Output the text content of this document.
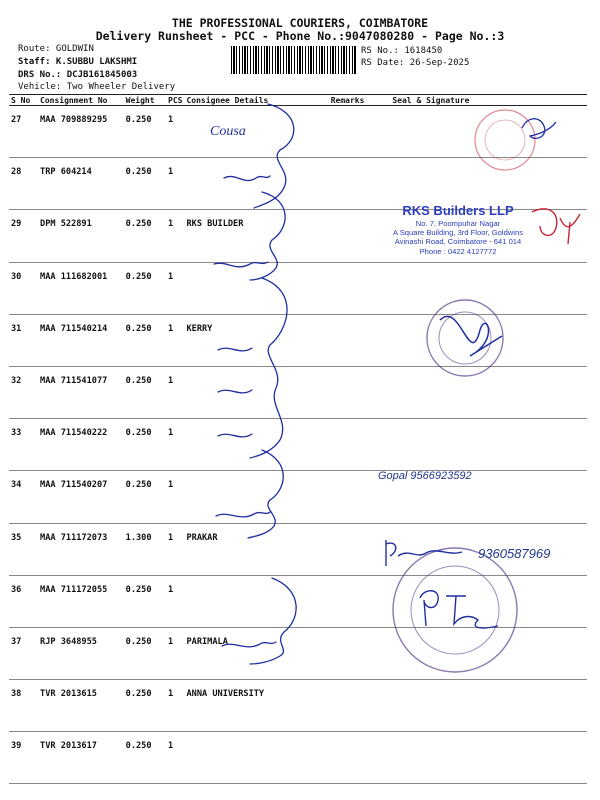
THE PROFESSIONAL COURIERS, COIMBATORE
Delivery Runsheet - PCC - Phone No.:9047080280 - Page No.:3
Route: GOLDWIN
Staff: K.SUBBU LAKSHMI
DRS No.: DCJB161845003
Vehicle: Two Wheeler Delivery
RS No.: 1618450
RS Date: 26-Sep-2025
S No	Consignment No	Weight	PCS	Consignee Details	Remarks	Seal & Signature
27	MAA 709889295	0.250	1			
28	TRP 604214	0.250	1			
29	DPM 522891	0.250	1	RKS BUILDER		
30	MAA 111682001	0.250	1			
31	MAA 711540214	0.250	1	KERRY		
32	MAA 711541077	0.250	1			
33	MAA 711540222	0.250	1			
34	MAA 711540207	0.250	1			
35	MAA 711172073	1.300	1	PRAKAR		
36	MAA 711172055	0.250	1			
37	RJP 3648955	0.250	1	PARIMALA		
38	TVR 2013615	0.250	1	ANNA UNIVERSITY		
39	TVR 2013617	0.250	1			
RKS Builders LLP
No. 7, Poompuhar Nagar
A Square Building, 3rd Floor, Goldwins
Avinashi Road, Coimbatore - 641 014
Phone : 0422 4127772
Cousa
Gopal 9566923592
9360587969
